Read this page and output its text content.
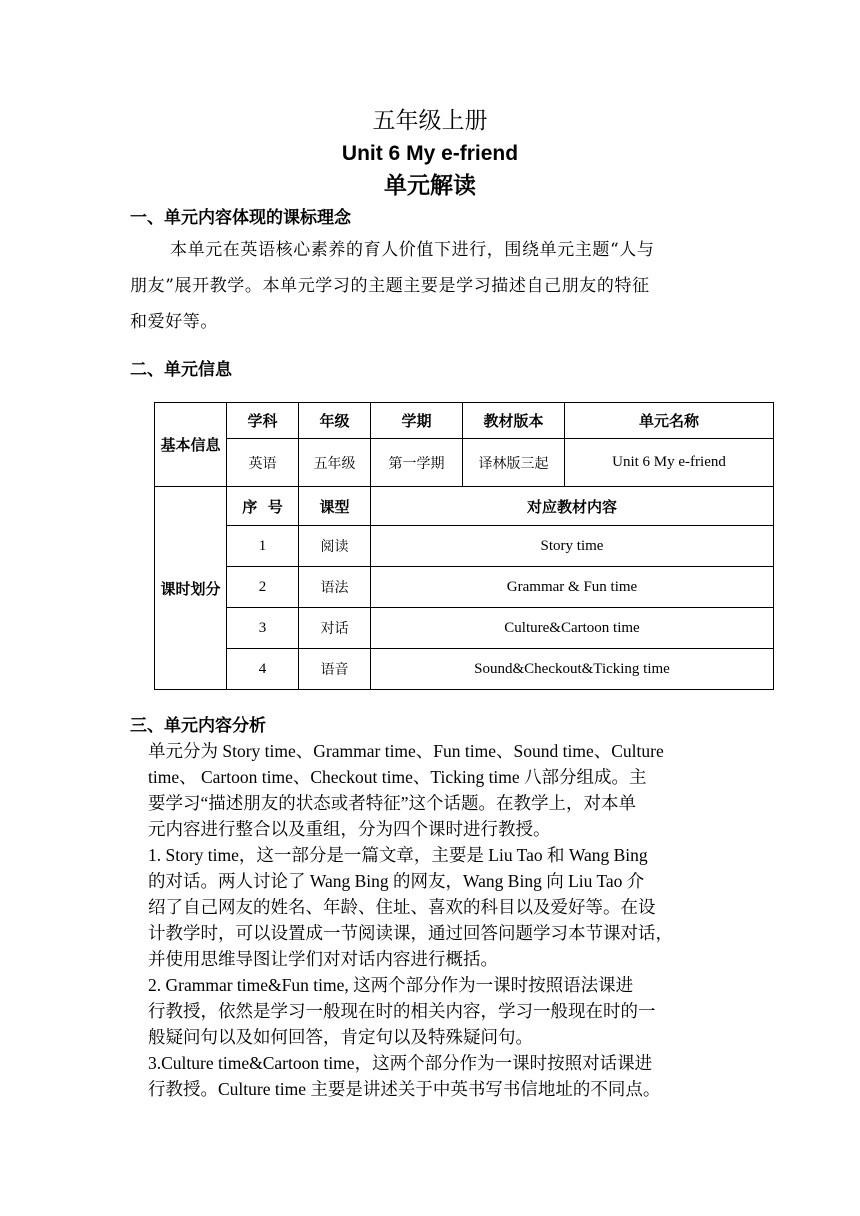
五年级上册
Unit 6 My e-friend
单元解读
一、单元内容体现的课标理念
本单元在英语核心素养的育人价值下进行，围绕单元主题“人与
朋友”展开教学。本单元学习的主题主要是学习描述自己朋友的特征
和爱好等。
二、单元信息
基本信息	学科	年级	学期	教材版本	单元名称
	英语	五年级	第一学期	译林版三起	Unit 6 My e-friend
课时划分	序  号	课型	对应教材内容		
	1	阅读	Story time		
	2	语法	Grammar & Fun time		
	3	对话	Culture&Cartoon time		
	4	语音	Sound&Checkout&Ticking time		
三、单元内容分析
单元分为 Story time、Grammar time、Fun time、Sound time、Culture
time、 Cartoon time、Checkout time、Ticking time 八部分组成。主
要学习“描述朋友的状态或者特征”这个话题。在教学上，对本单
元内容进行整合以及重组，分为四个课时进行教授。
1. Story time，这一部分是一篇文章，主要是 Liu Tao 和 Wang Bing
的对话。两人讨论了 Wang Bing 的网友，Wang Bing 向 Liu Tao 介
绍了自己网友的姓名、年龄、住址、喜欢的科目以及爱好等。在设
计教学时，可以设置成一节阅读课，通过回答问题学习本节课对话，
并使用思维导图让学们对对话内容进行概括。
2. Grammar time&Fun time, 这两个部分作为一课时按照语法课进
行教授，依然是学习一般现在时的相关内容，学习一般现在时的一
般疑问句以及如何回答，肯定句以及特殊疑问句。
3.Culture time&Cartoon time，这两个部分作为一课时按照对话课进
行教授。Culture time 主要是讲述关于中英书写书信地址的不同点。
